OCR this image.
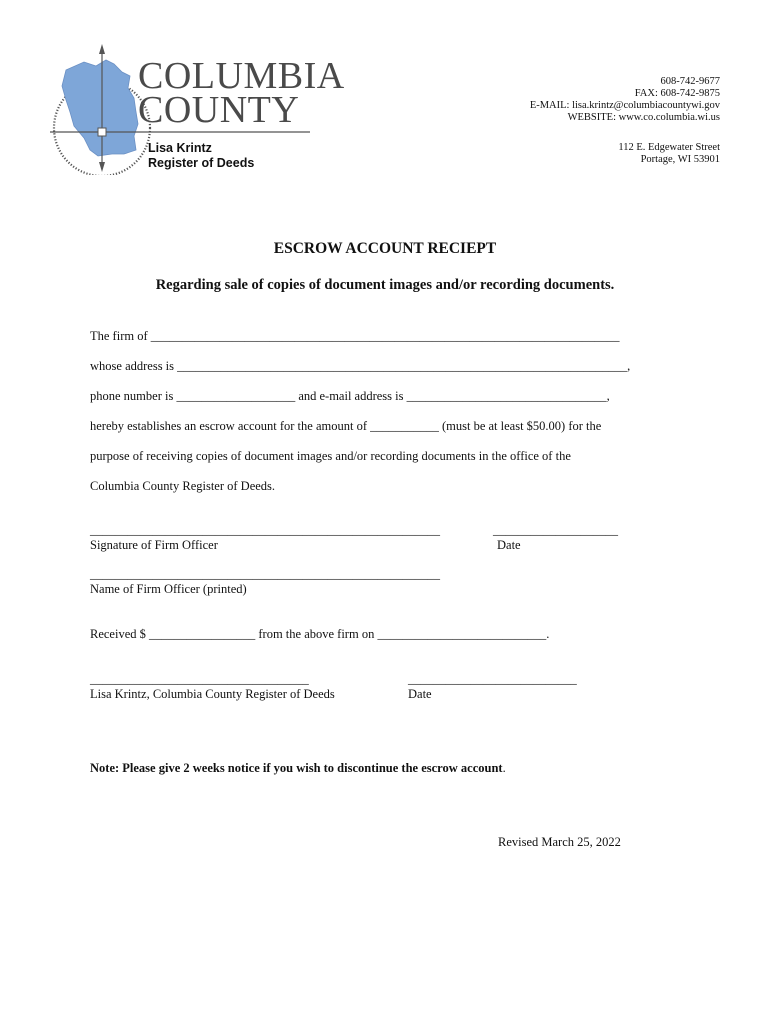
COLUMBIA
COUNTY
608-742-9677
FAX: 608-742-9875
E-MAIL: lisa.krintz@columbiacountywi.gov
WEBSITE: www.co.columbia.wi.us
112 E. Edgewater Street
Portage, WI 53901
Lisa Krintz
Register of Deeds
ESCROW ACCOUNT RECIEPT
Regarding sale of copies of document images and/or recording documents.
The firm of ___________________________________________________________________________
whose address is ________________________________________________________________________,
phone number is ___________________ and e-mail address is ________________________________,
hereby establishes an escrow account for the amount of ___________ (must be at least $50.00) for the
purpose of receiving copies of document images and/or recording documents in the office of the
Columbia County Register of Deeds.
________________________________________________________
Signature of Firm Officer
____________________
Date
________________________________________________________
Name of Firm Officer (printed)
Received $ _________________ from the above firm on ___________________________.
___________________________________
Lisa Krintz, Columbia County Register of Deeds
___________________________
Date
Note: Please give 2 weeks notice if you wish to discontinue the escrow account.
Revised March 25, 2022
